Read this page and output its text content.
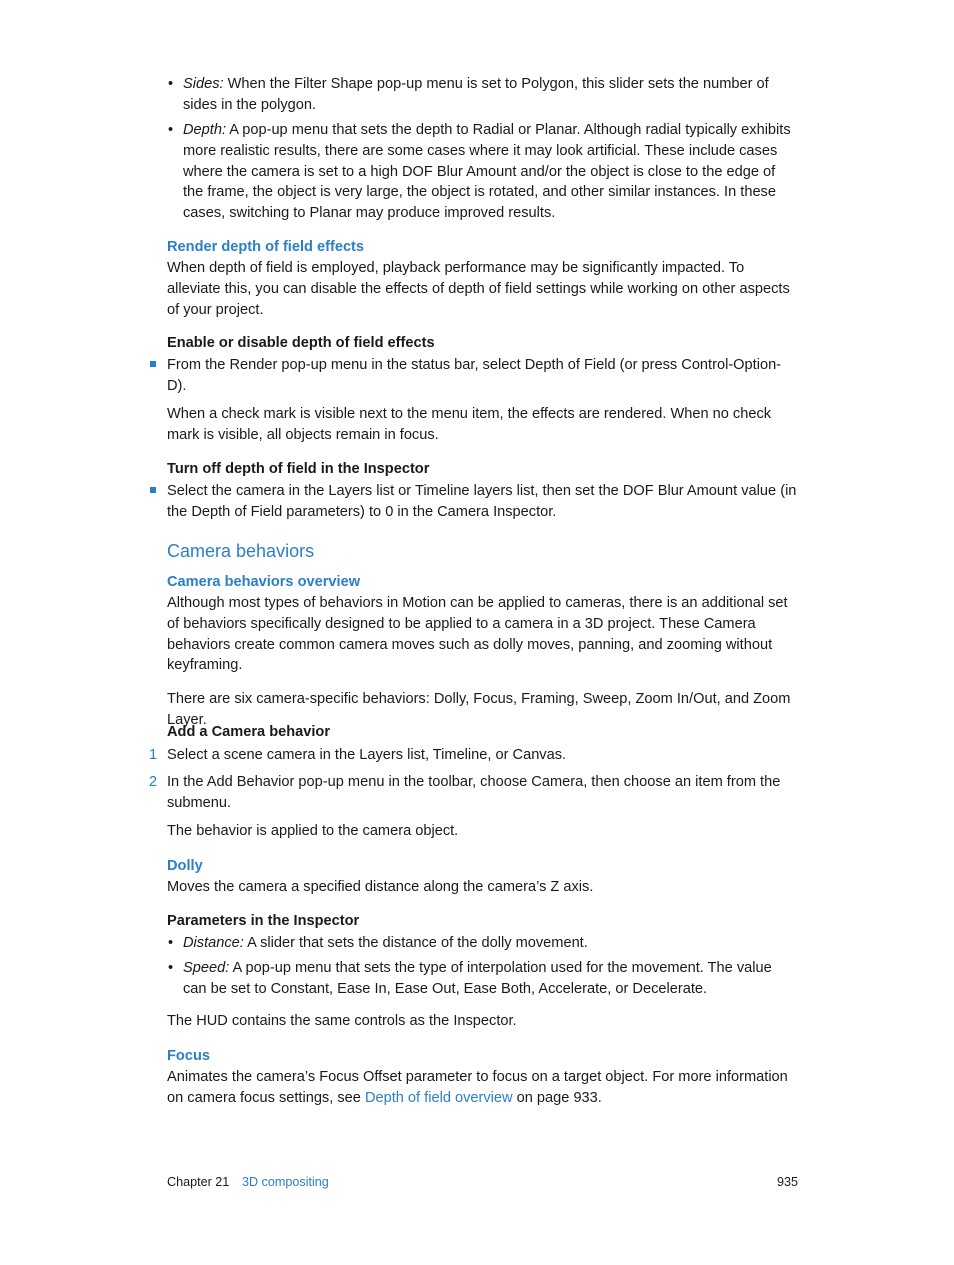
• Sides: When the Filter Shape pop-up menu is set to Polygon, this slider sets the number of sides in the polygon.

• Depth: A pop-up menu that sets the depth to Radial or Planar. Although radial typically exhibits more realistic results, there are some cases where it may look artificial. These include cases where the camera is set to a high DOF Blur Amount and/or the object is close to the edge of the frame, the object is very large, the object is rotated, and other similar instances. In these cases, switching to Planar may produce improved results.

Render depth of field effects

When depth of field is employed, playback performance may be significantly impacted. To alleviate this, you can disable the effects of depth of field settings while working on other aspects of your project.

Enable or disable depth of field effects

From the Render pop-up menu in the status bar, select Depth of Field (or press Control-Option-D).

When a check mark is visible next to the menu item, the effects are rendered. When no check mark is visible, all objects remain in focus.

Turn off depth of field in the Inspector

Select the camera in the Layers list or Timeline layers list, then set the DOF Blur Amount value (in the Depth of Field parameters) to 0 in the Camera Inspector.

Camera behaviors
Camera behaviors overview

Although most types of behaviors in Motion can be applied to cameras, there is an additional set of behaviors specifically designed to be applied to a camera in a 3D project. These Camera behaviors create common camera moves such as dolly moves, panning, and zooming without keyframing.

There are six camera-specific behaviors: Dolly, Focus, Framing, Sweep, Zoom In/Out, and Zoom Layer.

Add a Camera behavior
1 Select a scene camera in the Layers list, Timeline, or Canvas.

2 In the Add Behavior pop-up menu in the toolbar, choose Camera, then choose an item from the submenu.

The behavior is applied to the camera object.

Dolly

Moves the camera a specified distance along the camera’s Z axis.

Parameters in the Inspector
• Distance: A slider that sets the distance of the dolly movement.

• Speed: A pop-up menu that sets the type of interpolation used for the movement. The value can be set to Constant, Ease In, Ease Out, Ease Both, Accelerate, or Decelerate.

The HUD contains the same controls as the Inspector.

Focus

Animates the camera’s Focus Offset parameter to focus on a target object. For more information on camera focus settings, see Depth of field overview on page 933.

Chapter 21 3D compositing	935
